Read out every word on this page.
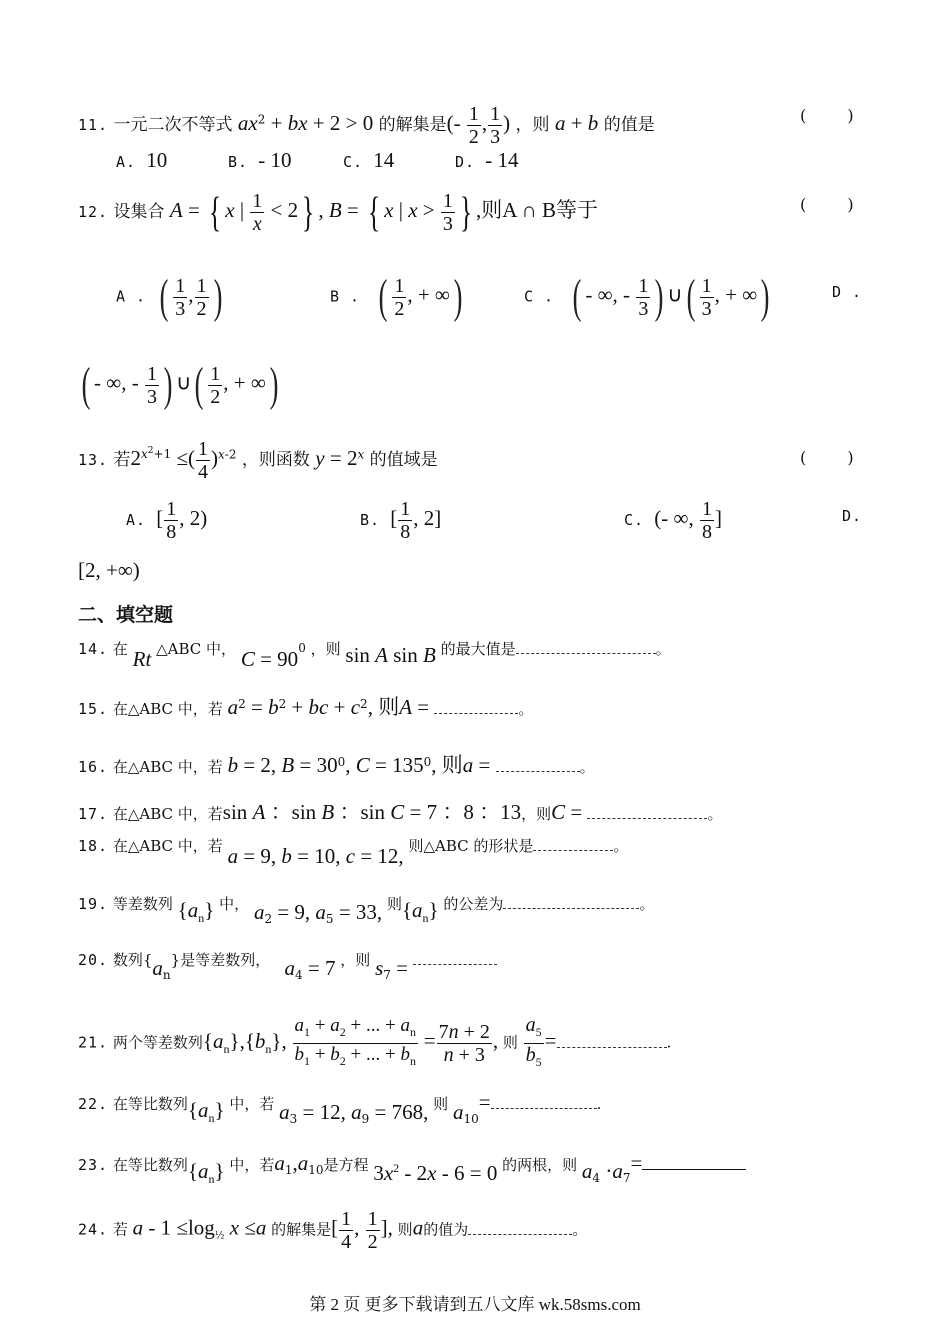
11. 一元二次不等式 $ax^2$ + bx + 2 > 0 的解集是(- $\frac{1}{2}$ , $\frac{1}{3}$ ) ，则 a + b 的值是	( )
A. 10	B. - 10	C. 14	D. - 14
12. 设集合 A = { x | $\frac{1}{x} < 2$} , B = { x | $x > \frac{1}{3}$ } ,则A ∩ B等于	( )
A . ( $\frac{1}{3}$ , $\frac{1}{2}$ )	B . ( $\frac{1}{2}$ , + ∞)	C . ( - ∞, - $\frac{1}{3}$ ) ∪( $\frac{1}{3}$ , + ∞)	D .
( - ∞, - $\frac{1}{3}$ ) ∪( $\frac{1}{2}$ , + ∞)
13. 若$2^{x^2+1}$ ≤( $\frac{1}{4} )^{x-2}$ ，则函数 $y = 2^x$ 的值域是	( )
A. [ $\frac{1}{8}$ , 2)	B. [ $\frac{1}{8}$ , 2]	C. (- ∞, $\frac{1}{8}$ ]	D.
[2, +∞)
二、填空题
14. 在 Rt △ABC 中， $C = 90^0$ ，则 sin A sin B 的最大值是	。
15. 在△ABC 中，若 $a^2 = b^2$ + bc + $c^2$, 则A =	。
16. 在△ABC 中，若 b = 2, $B = 30^0$, $C = 135^0$, 则a =	。
17. 在△ABC 中，若sin A ：sin B ：sin C = 7 ：8 ：13，则C =	。
18. 在△ABC 中，若 a = 9, b = 10, c = 12, 则△ABC 的形状是	。
19. 等差数列 $\{a_n\}$ 中， $a_2 = 9$, $a_5 = 33$, 则$\{a_n\}$ 的公差为	。
20. 数列$\{a_n\}$是等差数列， $a_4 = 7$ ，则 $s_7$ =
21. 两个等差数列$\{a_n\},\{b_n\}$, $\frac{a_1 + a_2 + ... + a_n}{b_1 + b_2 + ... + b_n} = \frac{7n + 2}{n + 3}$ , 则 $\frac{a_5}{b_5}$ =	.
22. 在等比数列$\{a_n\}$ 中，若 $a_3 = 12$, $a_9 = 768$, 则 $a_{10}=$	.
23. 在等比数列$\{a_n\}$ 中，若$a_1,a_{10}$是方程 $3x^2 - 2x - 6 = 0$ 的两根，则 $a_4 \cdot a_7=$
24. 若 $a - 1 \le\log_{\frac{1}{2}}$ x ≤a 的解集是[ $\frac{1}{4}$ , $\frac{1}{2}$ ], 则a的值为	。
第 2 页 更多下载请到五八文库 wk.58sms.com
